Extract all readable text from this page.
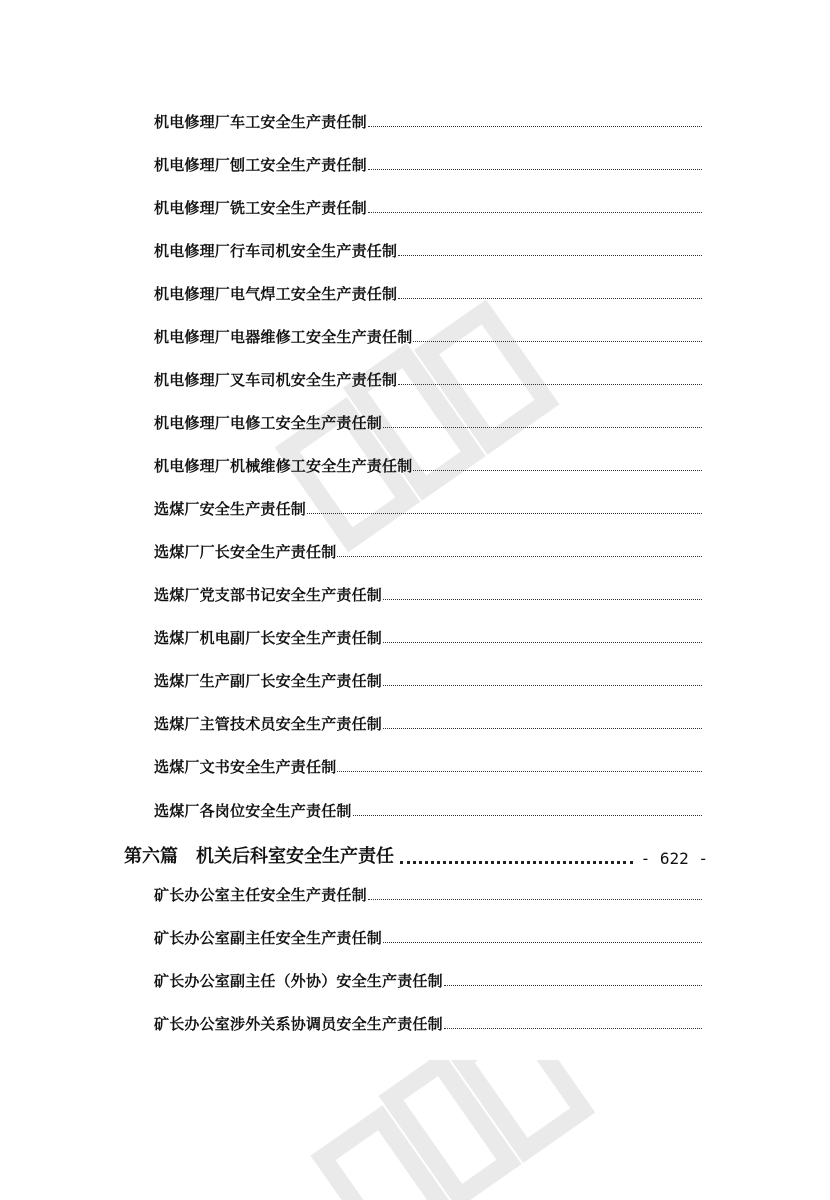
机电修理厂车工安全生产责任制
机电修理厂刨工安全生产责任制
机电修理厂铣工安全生产责任制
机电修理厂行车司机安全生产责任制
机电修理厂电气焊工安全生产责任制
机电修理厂电器维修工安全生产责任制
机电修理厂叉车司机安全生产责任制
机电修理厂电修工安全生产责任制
机电修理厂机械维修工安全生产责任制
选煤厂安全生产责任制
选煤厂厂长安全生产责任制
选煤厂党支部书记安全生产责任制
选煤厂机电副厂长安全生产责任制
选煤厂生产副厂长安全生产责任制
选煤厂主管技术员安全生产责任制
选煤厂文书安全生产责任制
选煤厂各岗位安全生产责任制
第六篇 机关后科室安全生产责任	- 622 -
矿长办公室主任安全生产责任制
矿长办公室副主任安全生产责任制
矿长办公室副主任（外协）安全生产责任制
矿长办公室涉外关系协调员安全生产责任制
